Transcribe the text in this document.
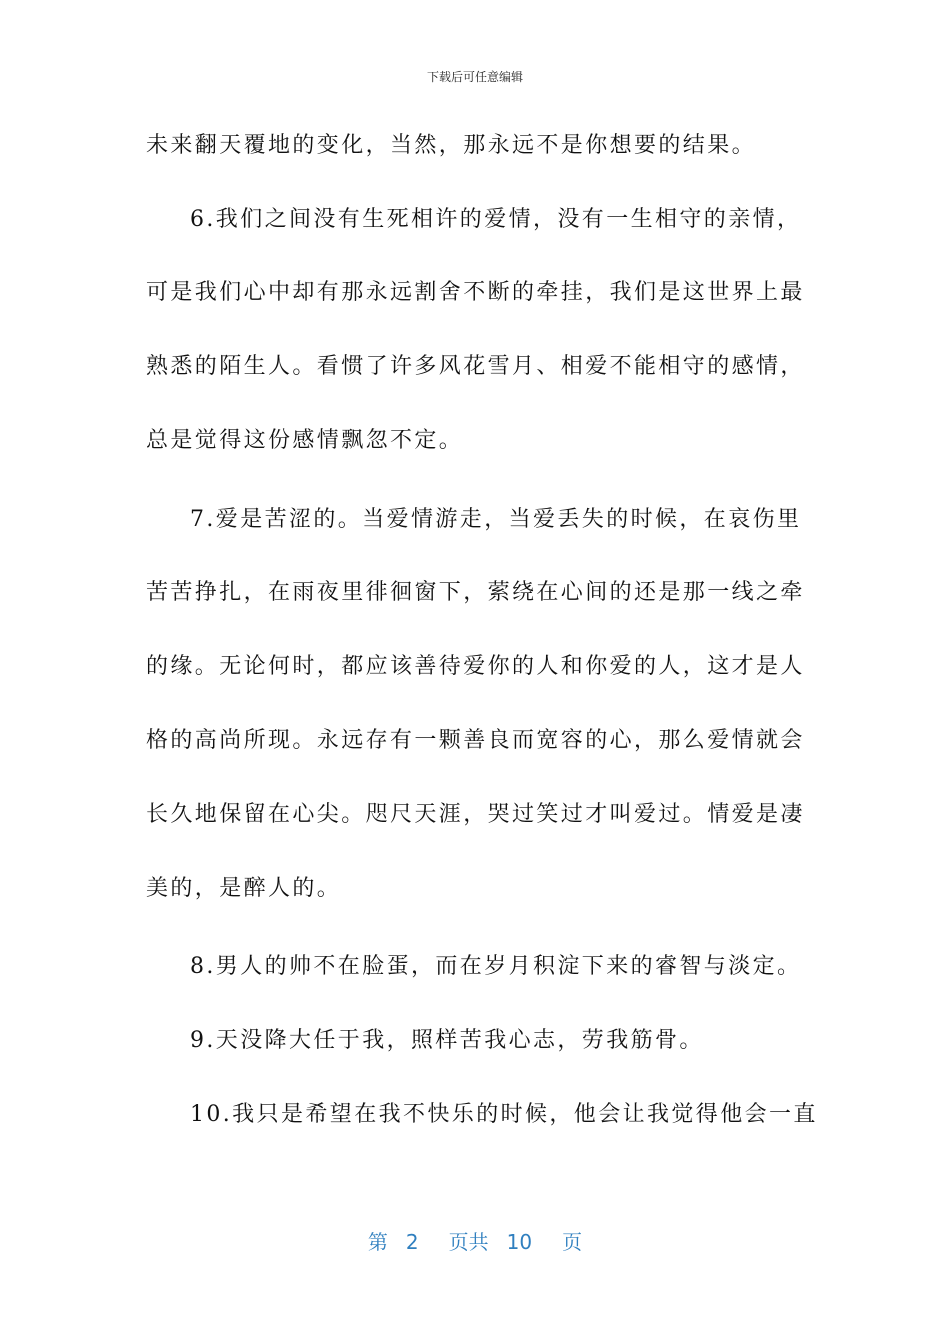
下载后可任意编辑
未来翻天覆地的变化，当然，那永远不是你想要的结果。
6.我们之间没有生死相许的爱情，没有一生相守的亲情，
可是我们心中却有那永远割舍不断的牵挂，我们是这世界上最
熟悉的陌生人。看惯了许多风花雪月、相爱不能相守的感情，
总是觉得这份感情飘忽不定。
7.爱是苦涩的。当爱情游走，当爱丢失的时候，在哀伤里
苦苦挣扎，在雨夜里徘徊窗下，萦绕在心间的还是那一线之牵
的缘。无论何时，都应该善待爱你的人和你爱的人，这才是人
格的高尚所现。永远存有一颗善良而宽容的心，那么爱情就会
长久地保留在心尖。咫尺天涯，哭过笑过才叫爱过。情爱是凄
美的，是醉人的。
8.男人的帅不在脸蛋，而在岁月积淀下来的睿智与淡定。
9.天没降大任于我，照样苦我心志，劳我筋骨。
10.我只是希望在我不快乐的时候，他会让我觉得他会一直
第 2 页共 10 页
